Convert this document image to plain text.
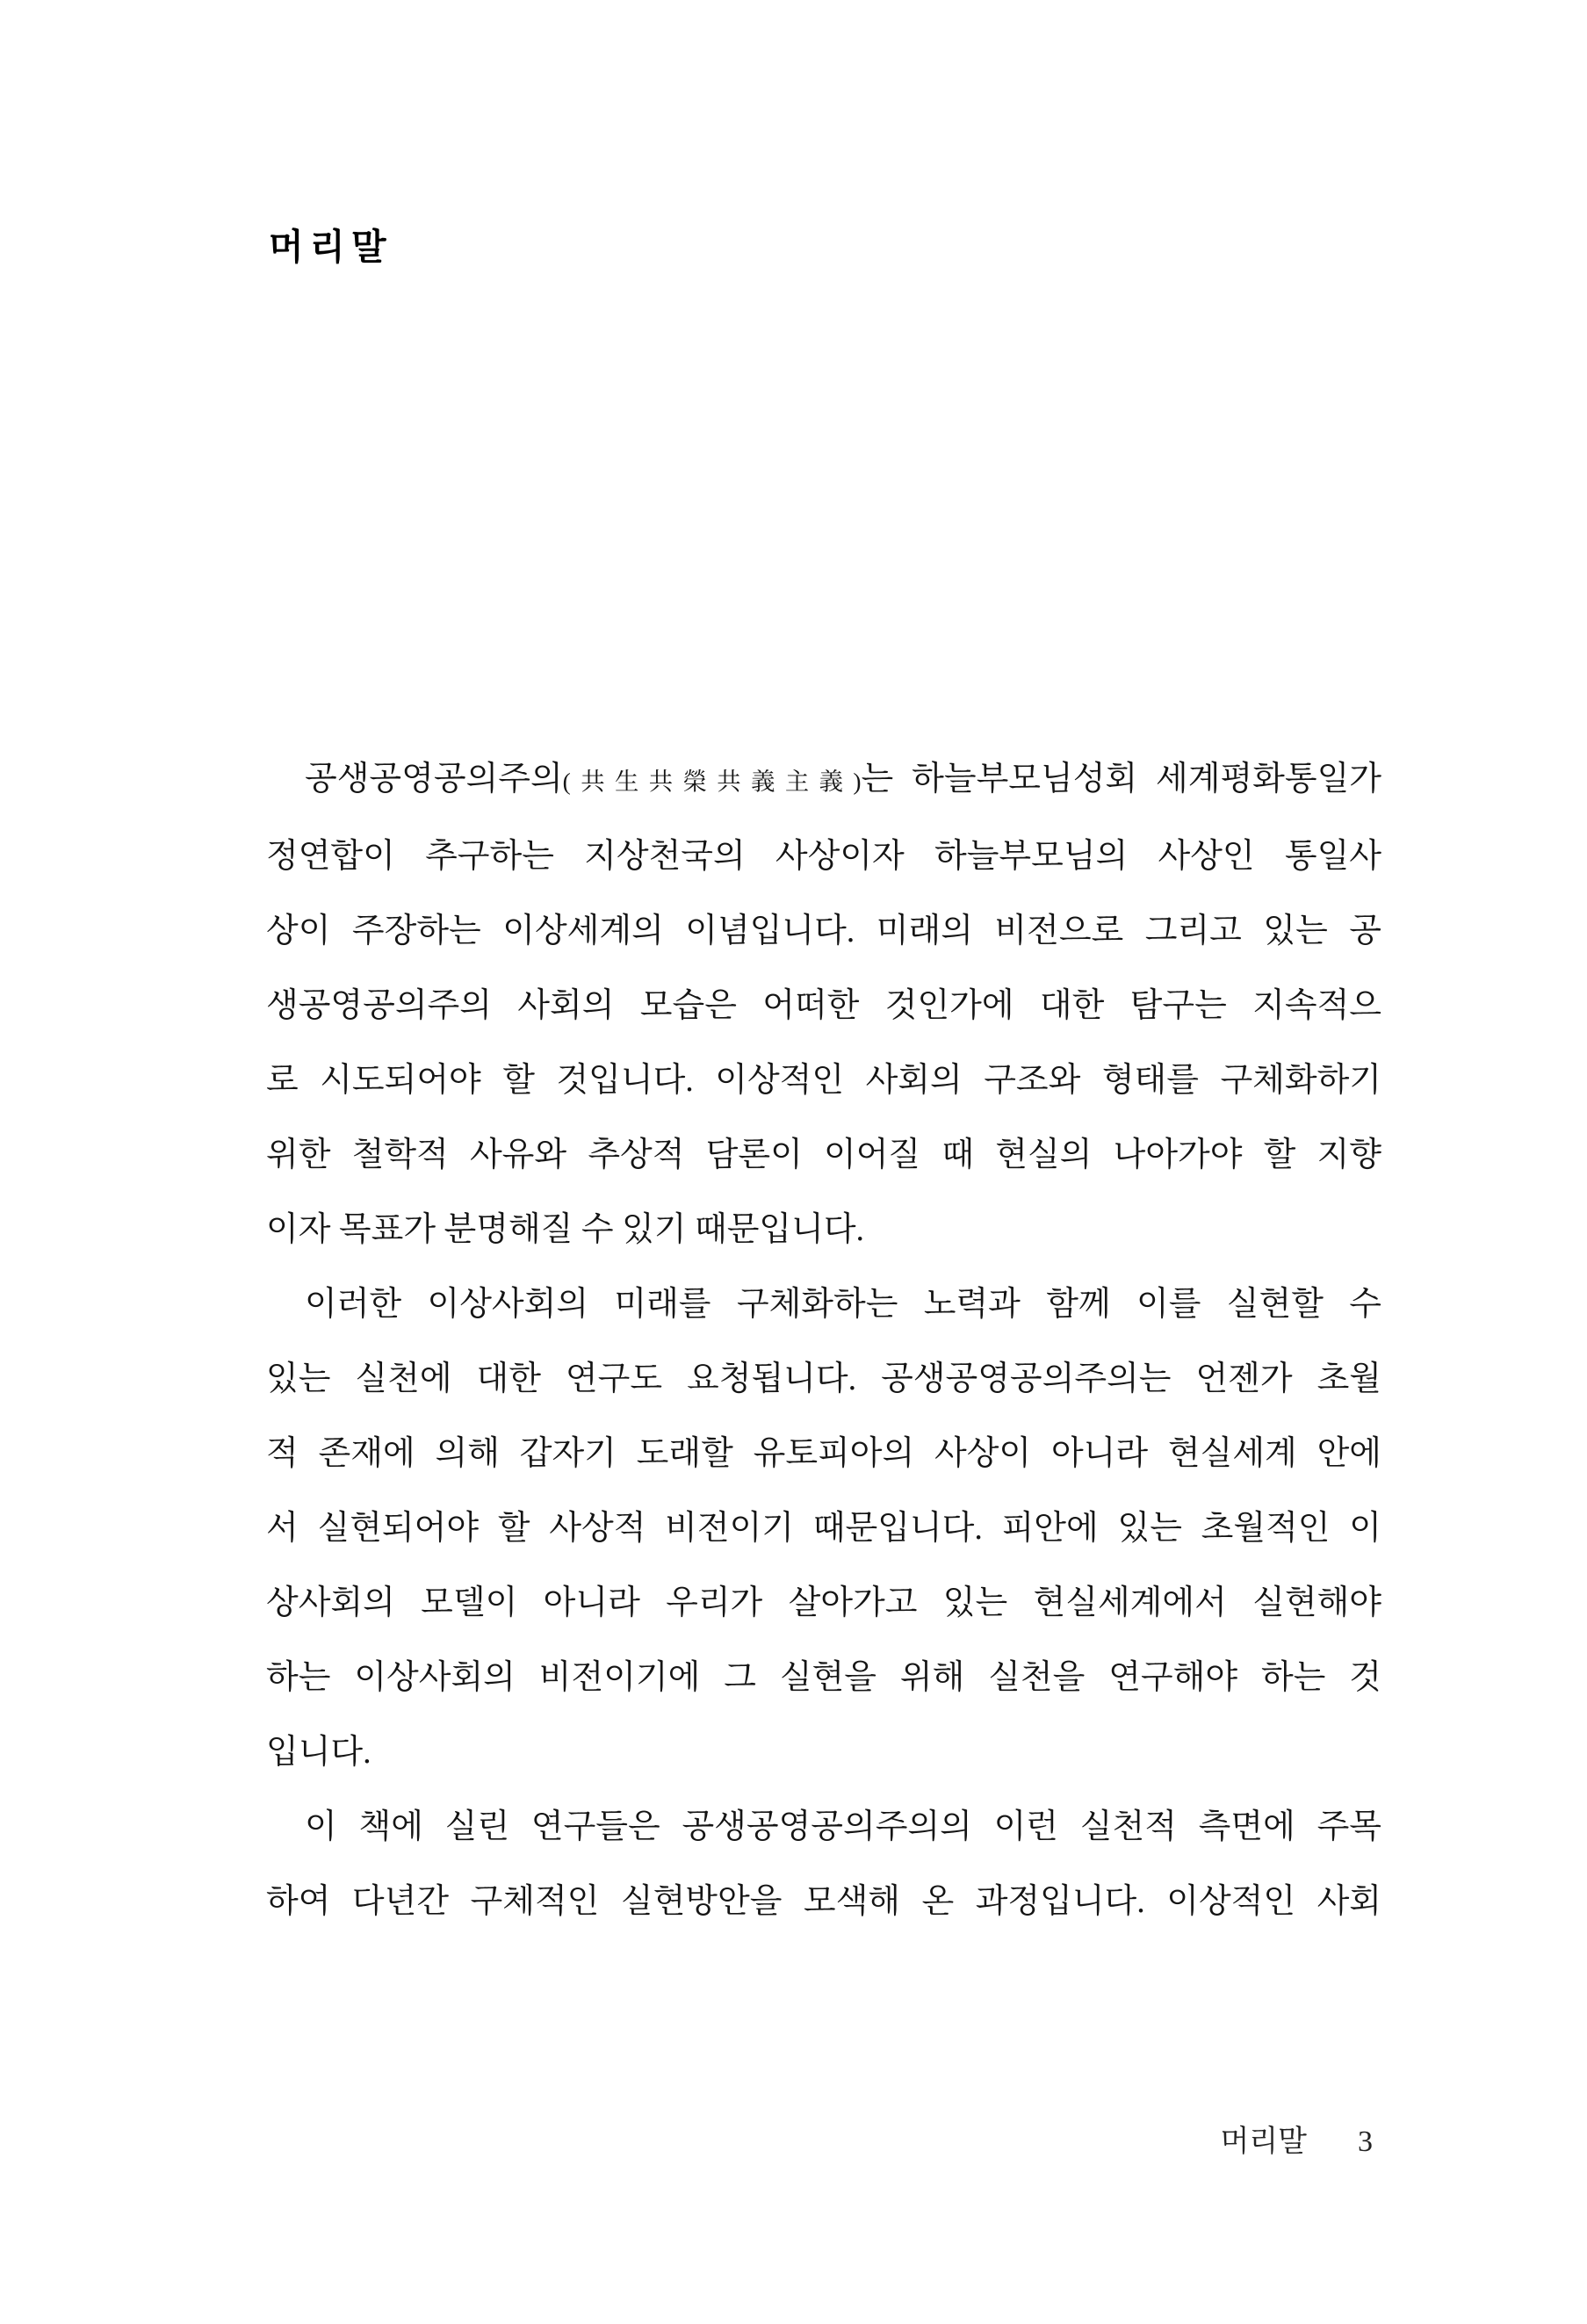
머리말
공생공영공의주의(共生共榮共義主義)는 하늘부모님성회 세계평화통일가
정연합이 추구하는 지상천국의 사상이자 하늘부모님의 사상인 통일사
상이 주장하는 이상세계의 이념입니다. 미래의 비전으로 그리고 있는 공
생공영공의주의 사회의 모습은 어떠한 것인가에 대한 탐구는 지속적으
로 시도되어야 할 것입니다. 이상적인 사회의 구조와 형태를 구체화하기
위한 철학적 사유와 추상적 담론이 이어질 때 현실의 나아가야 할 지향
이자 목표가 분명해질 수 있기 때문입니다.
이러한 이상사회의 미래를 구체화하는 노력과 함께 이를 실현할 수
있는 실천에 대한 연구도 요청됩니다. 공생공영공의주의는 언젠가 초월
적 존재에 의해 갑자기 도래할 유토피아의 사상이 아니라 현실세계 안에
서 실현되어야 할 사상적 비전이기 때문입니다. 피안에 있는 초월적인 이
상사회의 모델이 아니라 우리가 살아가고 있는 현실세계에서 실현해야
하는 이상사회의 비전이기에 그 실현을 위해 실천을 연구해야 하는 것
입니다.
이 책에 실린 연구들은 공생공영공의주의의 이런 실천적 측면에 주목
하여 다년간 구체적인 실현방안을 모색해 온 과정입니다. 이상적인 사회
머리말 3
